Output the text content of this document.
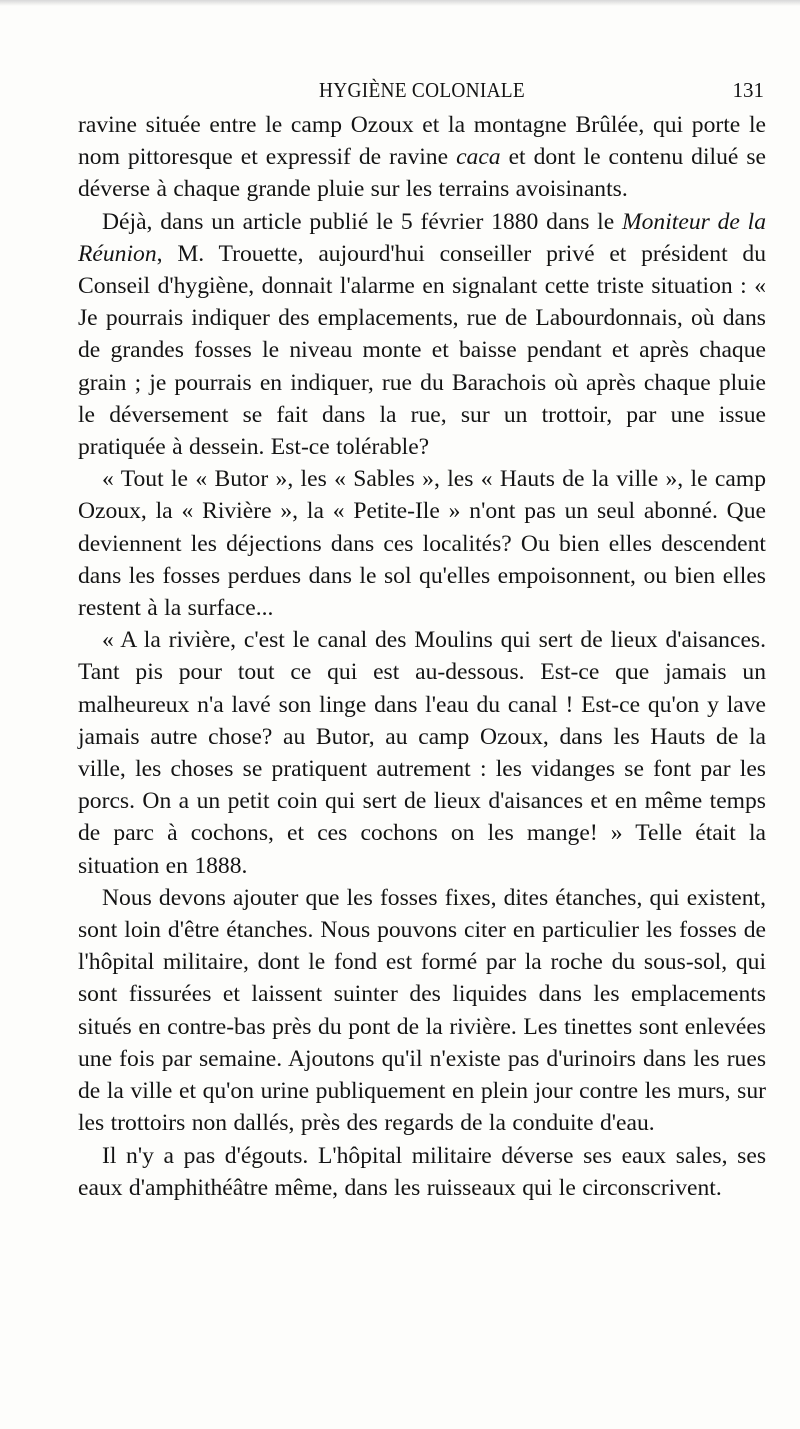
HYGIÈNE COLONIALE	131

ravine située entre le camp Ozoux et la montagne Brûlée, qui porte le nom pittoresque et expressif de ravine caca et dont le contenu dilué se déverse à chaque grande pluie sur les terrains avoisinants.

Déjà, dans un article publié le 5 février 1880 dans le Moniteur de la Réunion, M. Trouette, aujourd'hui conseiller privé et président du Conseil d'hygiène, donnait l'alarme en signalant cette triste situation : « Je pourrais indiquer des emplacements, rue de Labourdonnais, où dans de grandes fosses le niveau monte et baisse pendant et après chaque grain ; je pourrais en indiquer, rue du Barachois où après chaque pluie le déversement se fait dans la rue, sur un trottoir, par une issue pratiquée à dessein. Est-ce tolérable?

« Tout le « Butor », les « Sables », les « Hauts de la ville », le camp Ozoux, la « Rivière », la « Petite-Ile » n'ont pas un seul abonné. Que deviennent les déjections dans ces localités? Ou bien elles descendent dans les fosses perdues dans le sol qu'elles empoisonnent, ou bien elles restent à la surface...

« A la rivière, c'est le canal des Moulins qui sert de lieux d'aisances. Tant pis pour tout ce qui est au-dessous. Est-ce que jamais un malheureux n'a lavé son linge dans l'eau du canal ! Est-ce qu'on y lave jamais autre chose? au Butor, au camp Ozoux, dans les Hauts de la ville, les choses se pratiquent autrement : les vidanges se font par les porcs. On a un petit coin qui sert de lieux d'aisances et en même temps de parc à cochons, et ces cochons on les mange! » Telle était la situation en 1888.

Nous devons ajouter que les fosses fixes, dites étanches, qui existent, sont loin d'être étanches. Nous pouvons citer en particulier les fosses de l'hôpital militaire, dont le fond est formé par la roche du sous-sol, qui sont fissurées et laissent suinter des liquides dans les emplacements situés en contre-bas près du pont de la rivière. Les tinettes sont enlevées une fois par semaine. Ajoutons qu'il n'existe pas d'urinoirs dans les rues de la ville et qu'on urine publiquement en plein jour contre les murs, sur les trottoirs non dallés, près des regards de la conduite d'eau.

Il n'y a pas d'égouts. L'hôpital militaire déverse ses eaux sales, ses eaux d'amphithéâtre même, dans les ruisseaux qui le circonscrivent.
